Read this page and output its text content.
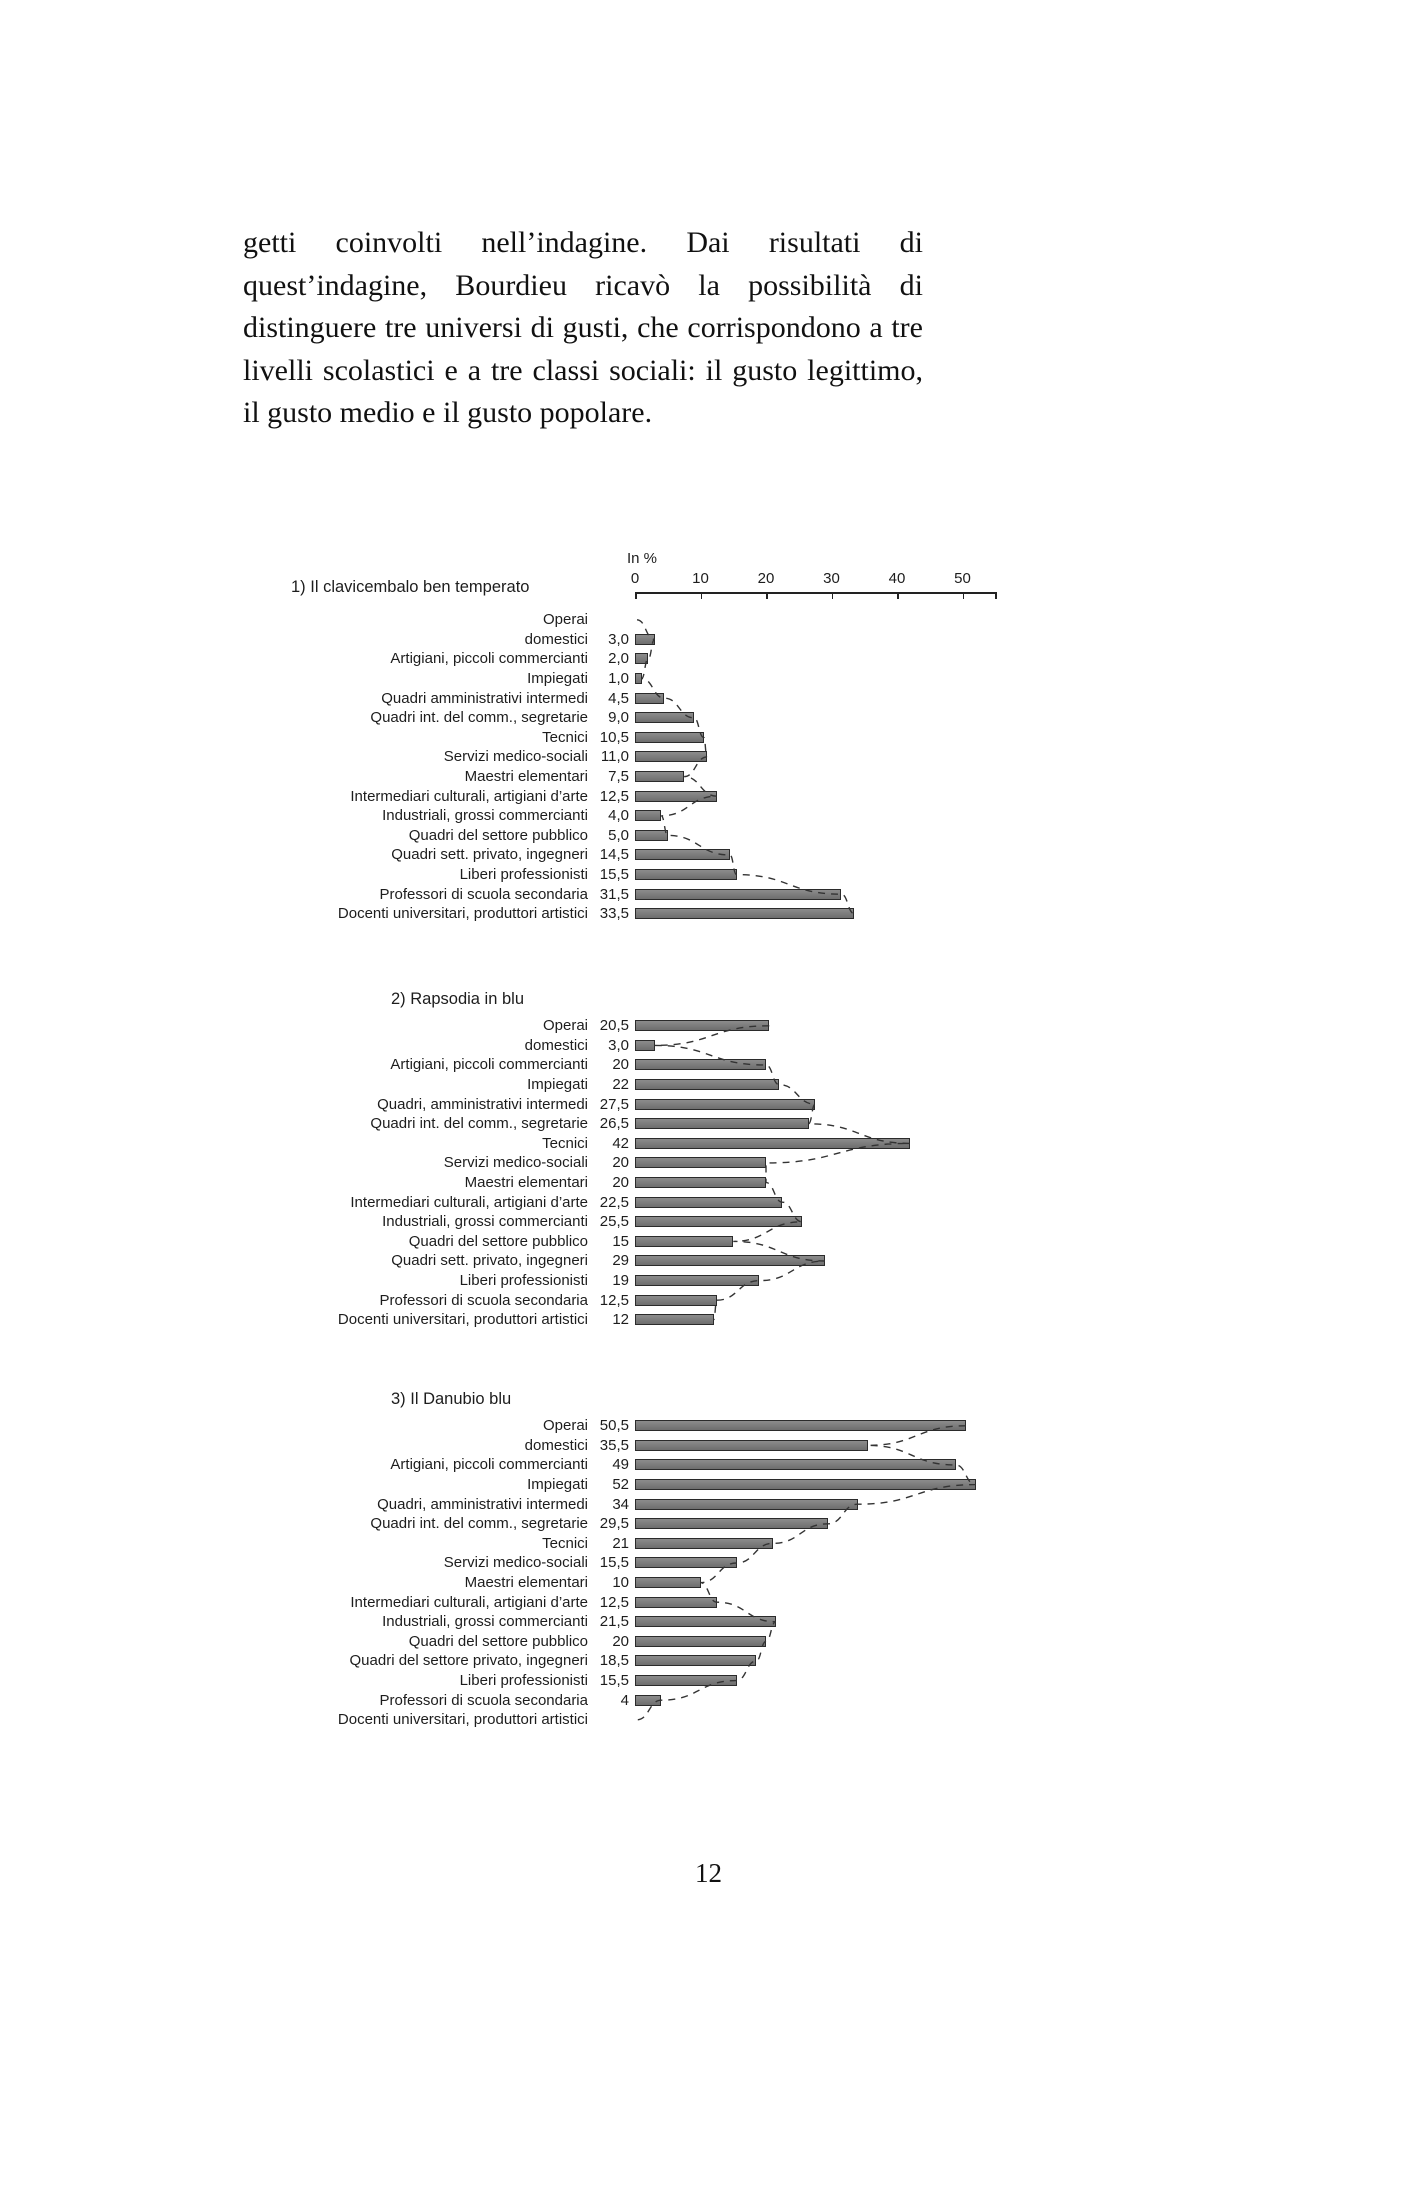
getti coinvolti nell’indagine. Dai risultati di quest’indagine, Bourdieu ricavò la possibilità di distinguere tre universi di gusti, che corrispondono a tre livelli scolastici e a tre classi sociali: il gusto legittimo, il gusto medio e il gusto popolare.

1) Il clavicembalo ben temperato
In %
0	10	20	30	40	50
Operai
domestici	3,0
Artigiani, piccoli commercianti	2,0
Impiegati	1,0
Quadri amministrativi intermedi	4,5
Quadri int. del comm., segretarie	9,0
Tecnici 10,5
Servizi medico-sociali 11,0
Maestri elementari	7,5
Intermediari culturali, artigiani d’arte 12,5
Industriali, grossi commercianti	4,0
Quadri del settore pubblico	5,0
Quadri sett. privato, ingegneri 14,5
Liberi professionisti 15,5
Professori di scuola secondaria 31,5
Docenti universitari, produttori artistici 33,5
2) Rapsodia in blu
Operai 20,5
domestici	3,0
Artigiani, piccoli commercianti	20
Impiegati	22
Quadri, amministrativi intermedi 27,5
Quadri int. del comm., segretarie 26,5
Tecnici	42
Servizi medico-sociali	20
Maestri elementari	20
Intermediari culturali, artigiani d’arte 22,5
Industriali, grossi commercianti 25,5
Quadri del settore pubblico	15
Quadri sett. privato, ingegneri	29
Liberi professionisti	19
Professori di scuola secondaria 12,5
Docenti universitari, produttori artistici	12
3) Il Danubio blu
Operai 50,5
domestici 35,5
Artigiani, piccoli commercianti	49
Impiegati	52
Quadri, amministrativi intermedi	34
Quadri int. del comm., segretarie 29,5
Tecnici	21
Servizi medico-sociali 15,5
Maestri elementari	10
Intermediari culturali, artigiani d’arte 12,5
Industriali, grossi commercianti 21,5
Quadri del settore pubblico	20
Quadri del settore privato, ingegneri 18,5
Liberi professionisti 15,5
Professori di scuola secondaria	4
Docenti universitari, produttori artistici
12
